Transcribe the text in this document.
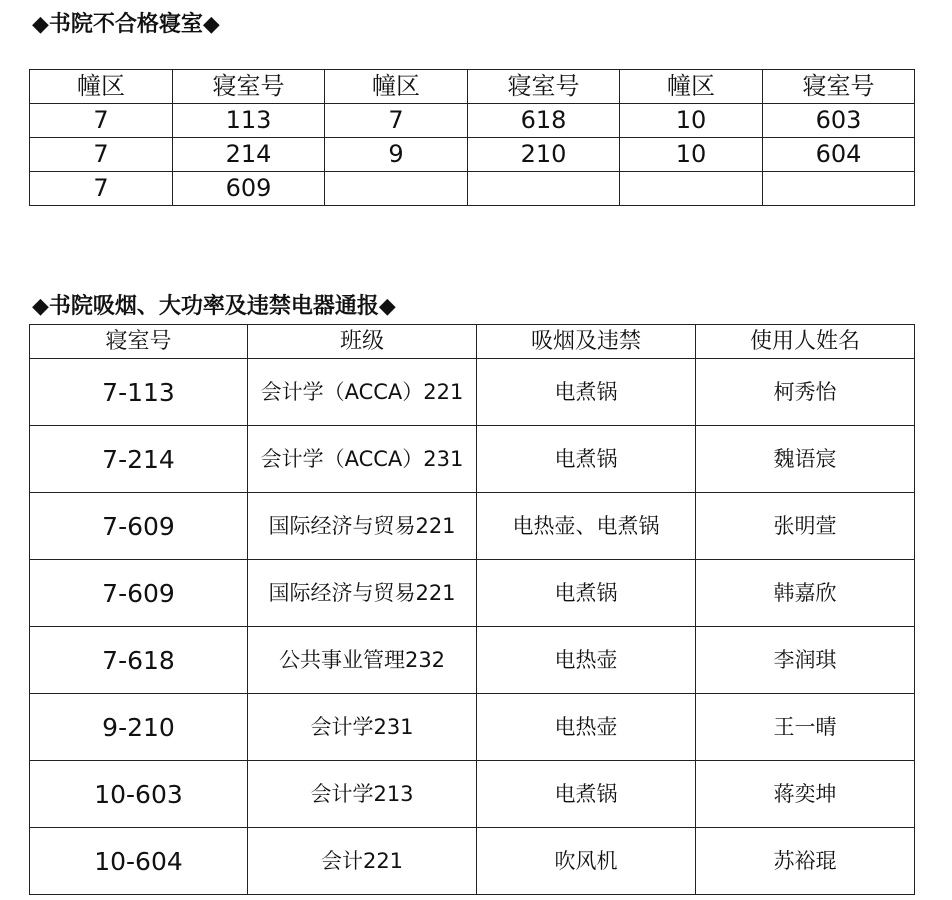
◆书院不合格寝室◆
幢区	寝室号	幢区	寝室号	幢区	寝室号
7	113	7	618	10	603
7	214	9	210	10	604
7	609				
◆书院吸烟、大功率及违禁电器通报◆
寝室号	班级	吸烟及违禁	使用人姓名
7-113	会计学（ACCA）221	电煮锅	柯秀怡
7-214	会计学（ACCA）231	电煮锅	魏语宸
7-609	国际经济与贸易221	电热壶、电煮锅	张明萱
7-609	国际经济与贸易221	电煮锅	韩嘉欣
7-618	公共事业管理232	电热壶	李润琪
9-210	会计学231	电热壶	王一晴
10-603	会计学213	电煮锅	蒋奕坤
10-604	会计221	吹风机	苏裕琨
